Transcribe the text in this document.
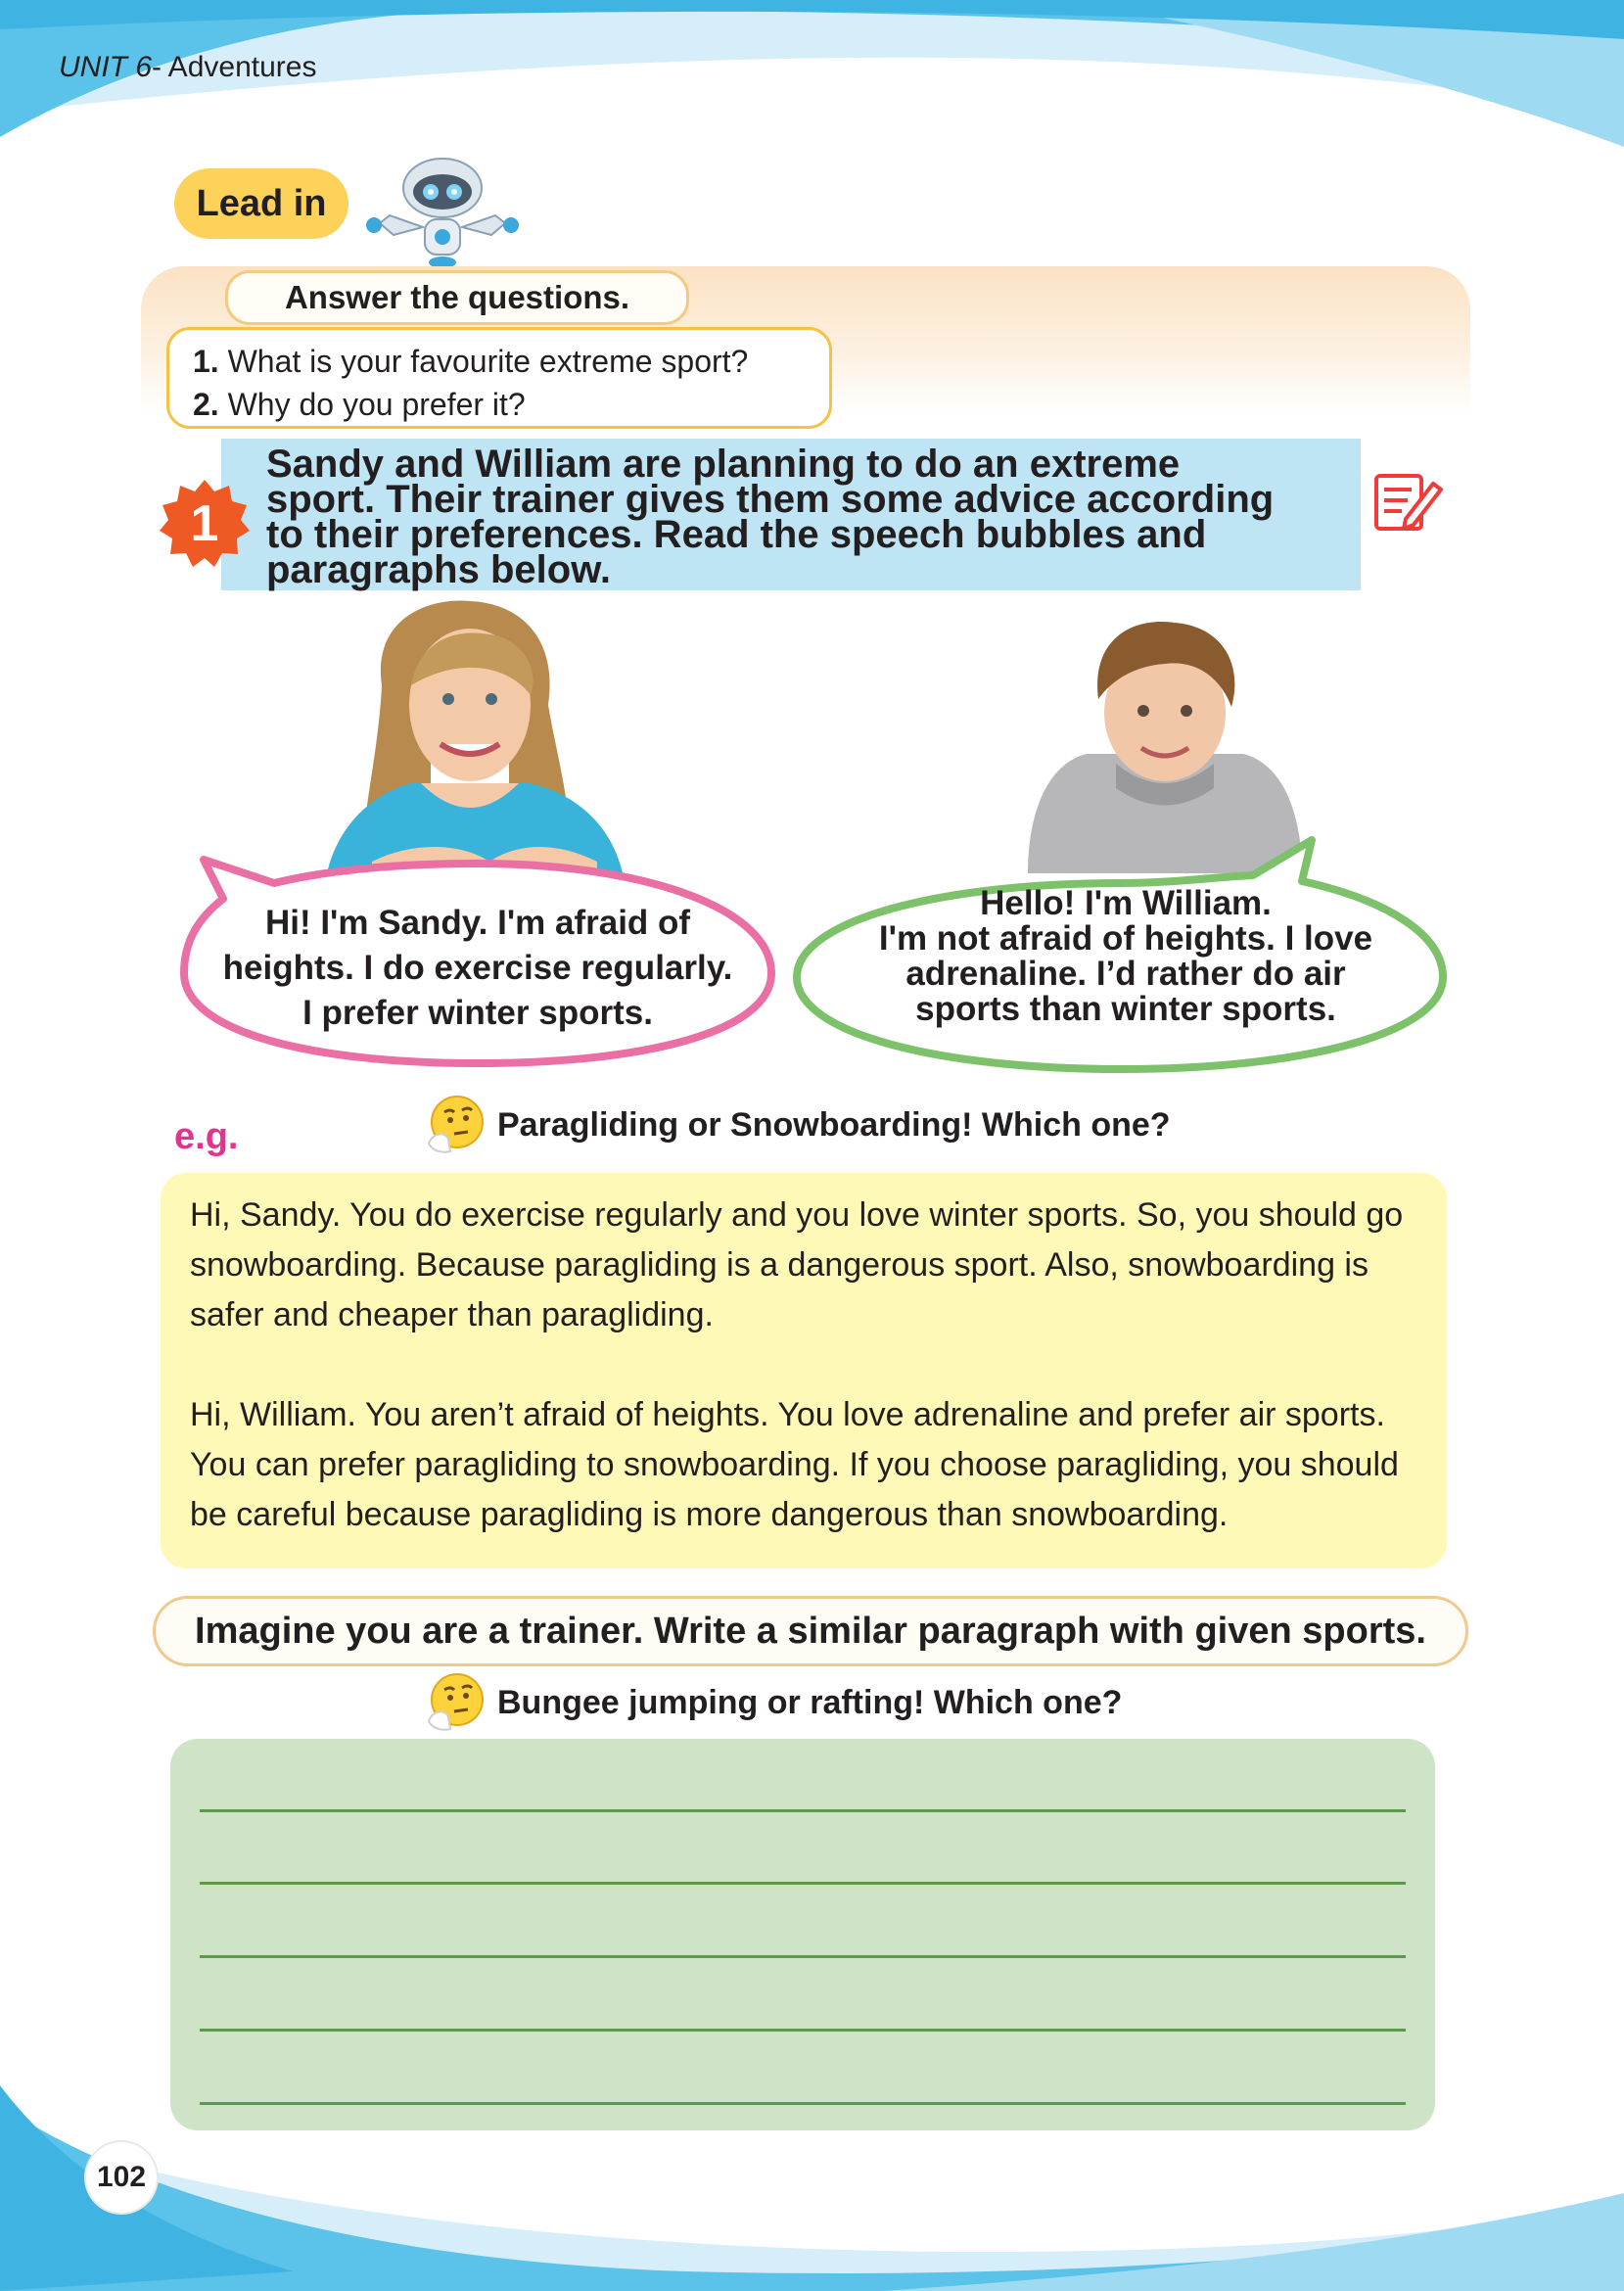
UNIT 6- Adventures
Lead in
Answer the questions.
1. What is your favourite extreme sport?
2. Why do you prefer it?
1
Sandy and William are planning to do an extreme
sport. Their trainer gives them some advice according
to their preferences. Read the speech bubbles and
paragraphs below.
Hi! I'm Sandy. I'm afraid of
heights. I do exercise regularly.
I prefer winter sports.
Hello! I'm William.
I'm not afraid of heights. I love
adrenaline. I’d rather do air
sports than winter sports.
e.g.	Paragliding or Snowboarding! Which one?

Hi, Sandy. You do exercise regularly and you love winter sports. So, you should go snowboarding. Because paragliding is a dangerous sport. Also, snowboarding is safer and cheaper than paragliding.

Hi, William. You aren’t afraid of heights. You love adrenaline and prefer air sports. You can prefer paragliding to snowboarding. If you choose paragliding, you should be careful because paragliding is more dangerous than snowboarding.

Imagine you are a trainer. Write a similar paragraph with given sports.
Bungee jumping or rafting! Which one?
102
